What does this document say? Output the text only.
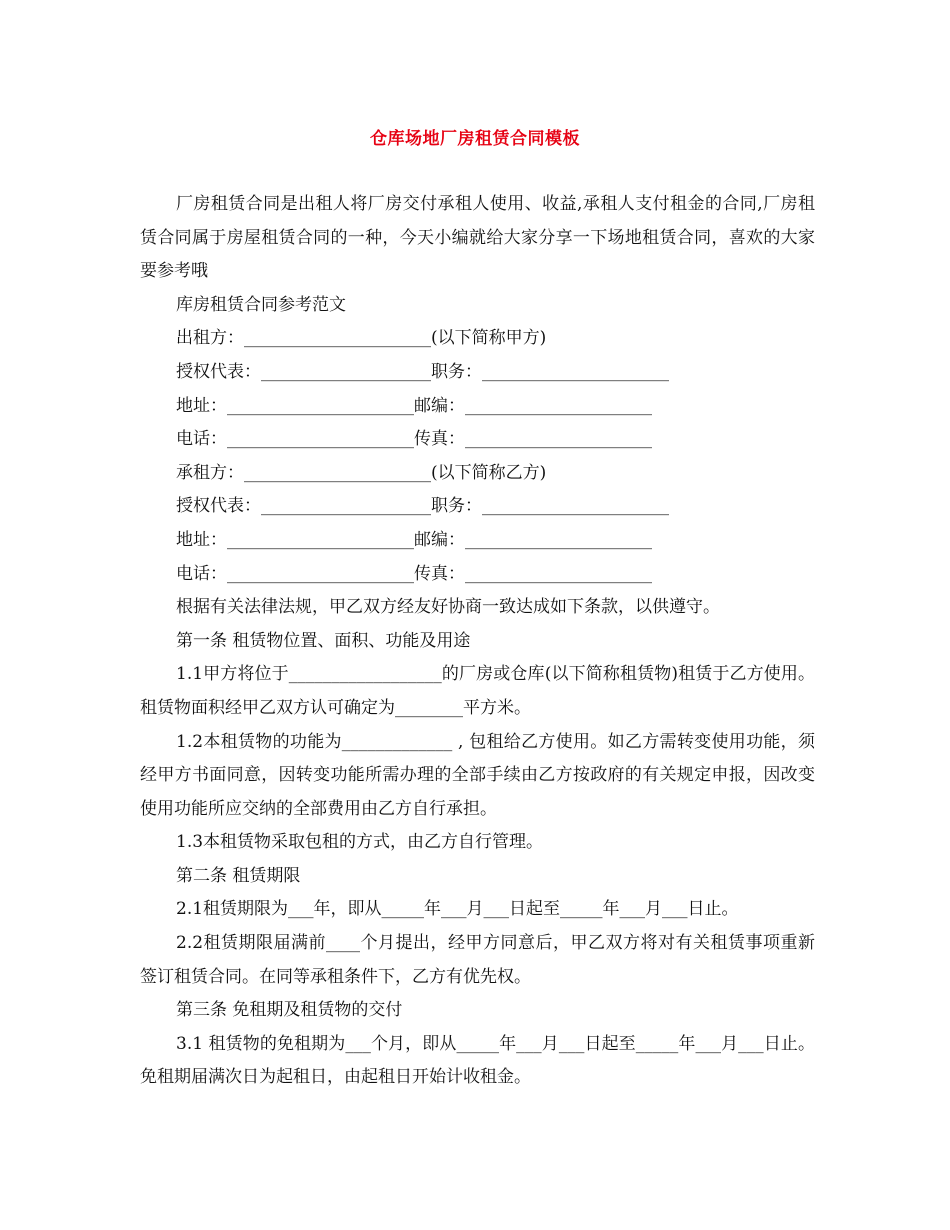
仓库场地厂房租赁合同模板

厂房租赁合同是出租人将厂房交付承租人使用、收益,承租人支付租金的合同,厂房租赁合同属于房屋租赁合同的一种，今天小编就给大家分享一下场地租赁合同，喜欢的大家要参考哦

库房租赁合同参考范文

出租方：______________________(以下简称甲方)

授权代表：____________________职务：______________________

地址：______________________邮编：______________________

电话：______________________传真：______________________

承租方：______________________(以下简称乙方)

授权代表：____________________职务：______________________

地址：______________________邮编：______________________

电话：______________________传真：______________________

根据有关法律法规，甲乙双方经友好协商一致达成如下条款，以供遵守。

第一条 租赁物位置、面积、功能及用途

1.1甲方将位于__________________的厂房或仓库(以下简称租赁物)租赁于乙方使用。租赁物面积经甲乙双方认可确定为________平方米。

1.2本租赁物的功能为_____________ , 包租给乙方使用。如乙方需转变使用功能，须经甲方书面同意，因转变功能所需办理的全部手续由乙方按政府的有关规定申报，因改变使用功能所应交纳的全部费用由乙方自行承担。

1.3本租赁物采取包租的方式，由乙方自行管理。

第二条 租赁期限

2.1租赁期限为___年，即从_____年___月___日起至_____年___月___日止。

2.2租赁期限届满前____个月提出，经甲方同意后，甲乙双方将对有关租赁事项重新签订租赁合同。在同等承租条件下，乙方有优先权。

第三条 免租期及租赁物的交付

3.1 租赁物的免租期为___个月，即从_____年___月___日起至_____年___月___日止。免租期届满次日为起租日，由起租日开始计收租金。
